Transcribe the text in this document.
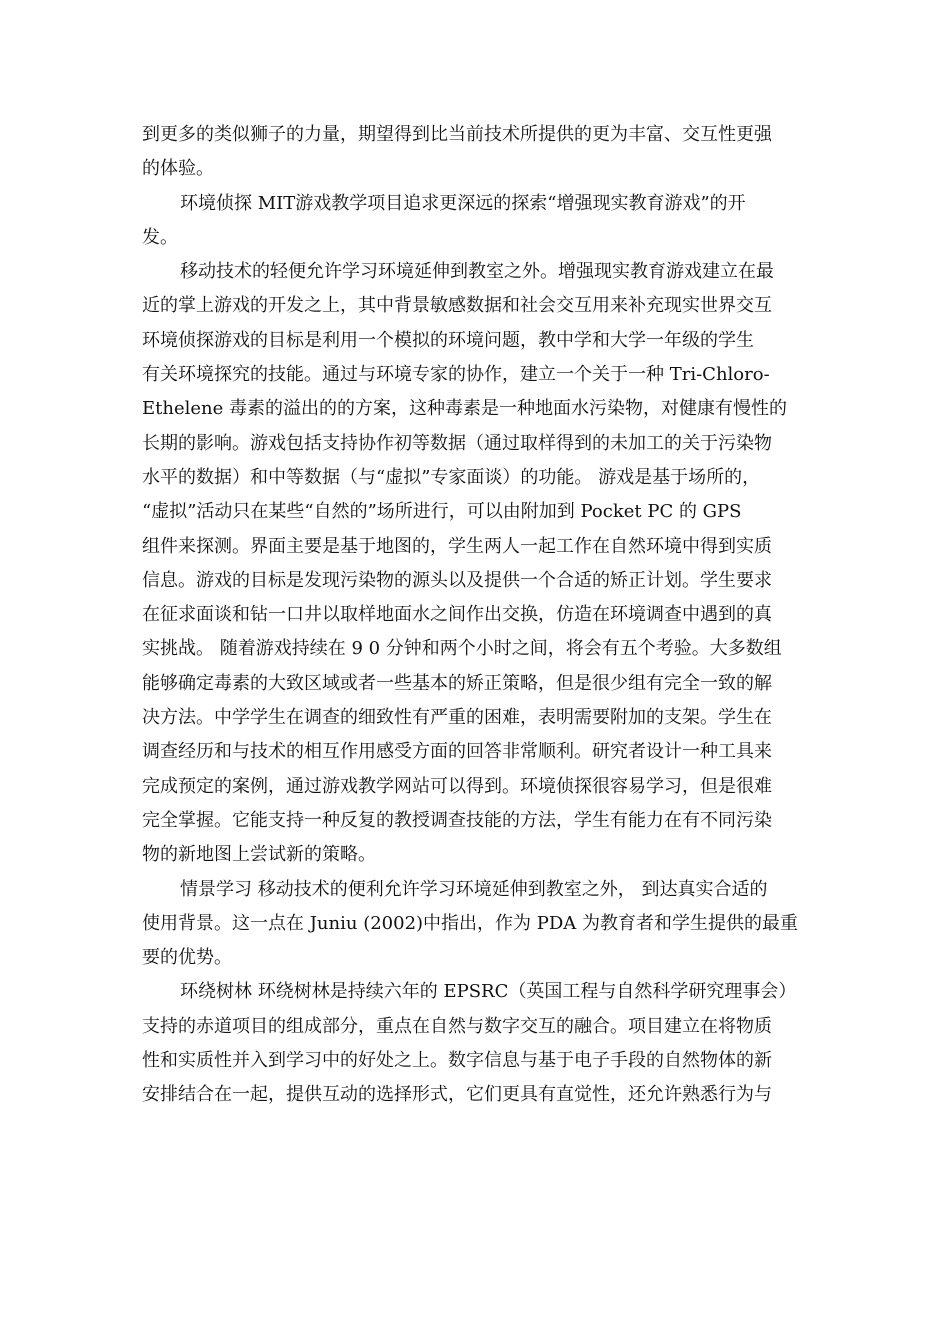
到更多的类似狮子的力量，期望得到比当前技术所提供的更为丰富、交互性更强
的体验。
环境侦探 MIT游戏教学项目追求更深远的探索“增强现实教育游戏”的开
发。
移动技术的轻便允许学习环境延伸到教室之外。增强现实教育游戏建立在最
近的掌上游戏的开发之上，其中背景敏感数据和社会交互用来补充现实世界交互
环境侦探游戏的目标是利用一个模拟的环境问题，教中学和大学一年级的学生
有关环境探究的技能。通过与环境专家的协作，建立一个关于一种 Tri-Chloro-
Ethelene 毒素的溢出的的方案，这种毒素是一种地面水污染物，对健康有慢性的
长期的影响。游戏包括支持协作初等数据（通过取样得到的未加工的关于污染物
水平的数据）和中等数据（与“虚拟”专家面谈）的功能。 游戏是基于场所的，
“虚拟”活动只在某些“自然的”场所进行，可以由附加到 Pocket PC 的 GPS
组件来探测。界面主要是基于地图的，学生两人一起工作在自然环境中得到实质
信息。游戏的目标是发现污染物的源头以及提供一个合适的矫正计划。学生要求
在征求面谈和钻一口井以取样地面水之间作出交换，仿造在环境调查中遇到的真
实挑战。 随着游戏持续在 9 0 分钟和两个小时之间，将会有五个考验。大多数组
能够确定毒素的大致区域或者一些基本的矫正策略，但是很少组有完全一致的解
决方法。中学学生在调查的细致性有严重的困难，表明需要附加的支架。学生在
调查经历和与技术的相互作用感受方面的回答非常顺利。研究者设计一种工具来
完成预定的案例，通过游戏教学网站可以得到。环境侦探很容易学习，但是很难
完全掌握。它能支持一种反复的教授调查技能的方法，学生有能力在有不同污染
物的新地图上尝试新的策略。
情景学习 移动技术的便利允许学习环境延伸到教室之外， 到达真实合适的
使用背景。这一点在 Juniu (2002)中指出，作为 PDA 为教育者和学生提供的最重
要的优势。
环绕树林 环绕树林是持续六年的 EPSRC（英国工程与自然科学研究理事会）
支持的赤道项目的组成部分，重点在自然与数字交互的融合。项目建立在将物质
性和实质性并入到学习中的好处之上。数字信息与基于电子手段的自然物体的新
安排结合在一起，提供互动的选择形式，它们更具有直觉性，还允许熟悉行为与
